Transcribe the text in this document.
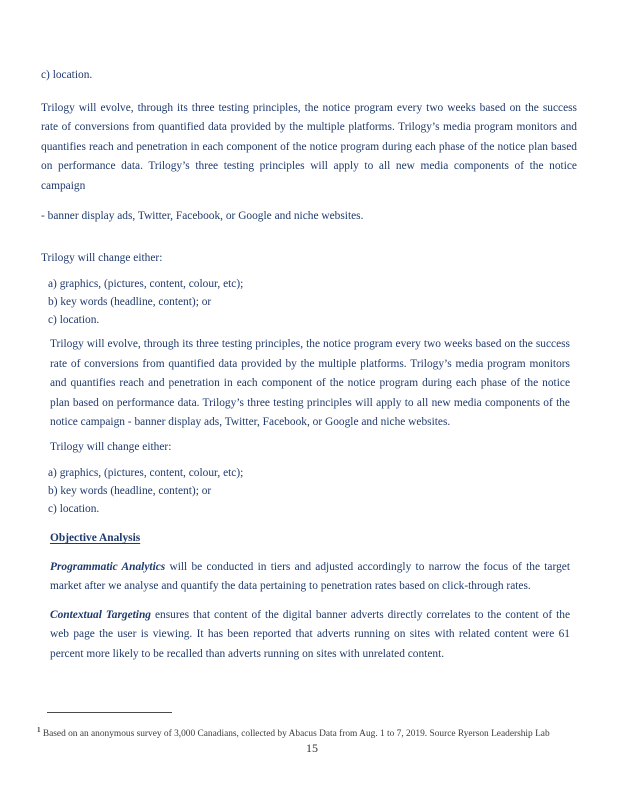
c) location.

Trilogy will evolve, through its three testing principles, the notice program every two weeks based on the success rate of conversions from quantified data provided by the multiple platforms. Trilogy’s media program monitors and quantifies reach and penetration in each component of the notice program during each phase of the notice plan based on performance data. Trilogy’s three testing principles will apply to all new media components of the notice campaign

- banner display ads, Twitter, Facebook, or Google and niche websites.

Trilogy will change either:

a) graphics, (pictures, content, colour, etc);

b) key words (headline, content); or

c) location.

Trilogy will evolve, through its three testing principles, the notice program every two weeks based on the success rate of conversions from quantified data provided by the multiple platforms. Trilogy’s media program monitors and quantifies reach and penetration in each component of the notice program during each phase of the notice plan based on performance data. Trilogy’s three testing principles will apply to all new media components of the notice campaign - banner display ads, Twitter, Facebook, or Google and niche websites.

Trilogy will change either:

a) graphics, (pictures, content, colour, etc);

b) key words (headline, content); or

c) location.

Objective Analysis

Programmatic Analytics will be conducted in tiers and adjusted accordingly to narrow the focus of the target market after we analyse and quantify the data pertaining to penetration rates based on click-through rates.

Contextual Targeting ensures that content of the digital banner adverts directly correlates to the content of the web page the user is viewing. It has been reported that adverts running on sites with related content were 61 percent more likely to be recalled than adverts running on sites with unrelated content.

$^1$ Based on an anonymous survey of 3,000 Canadians, collected by Abacus Data from Aug. 1 to 7, 2019. Source Ryerson Leadership Lab

15
